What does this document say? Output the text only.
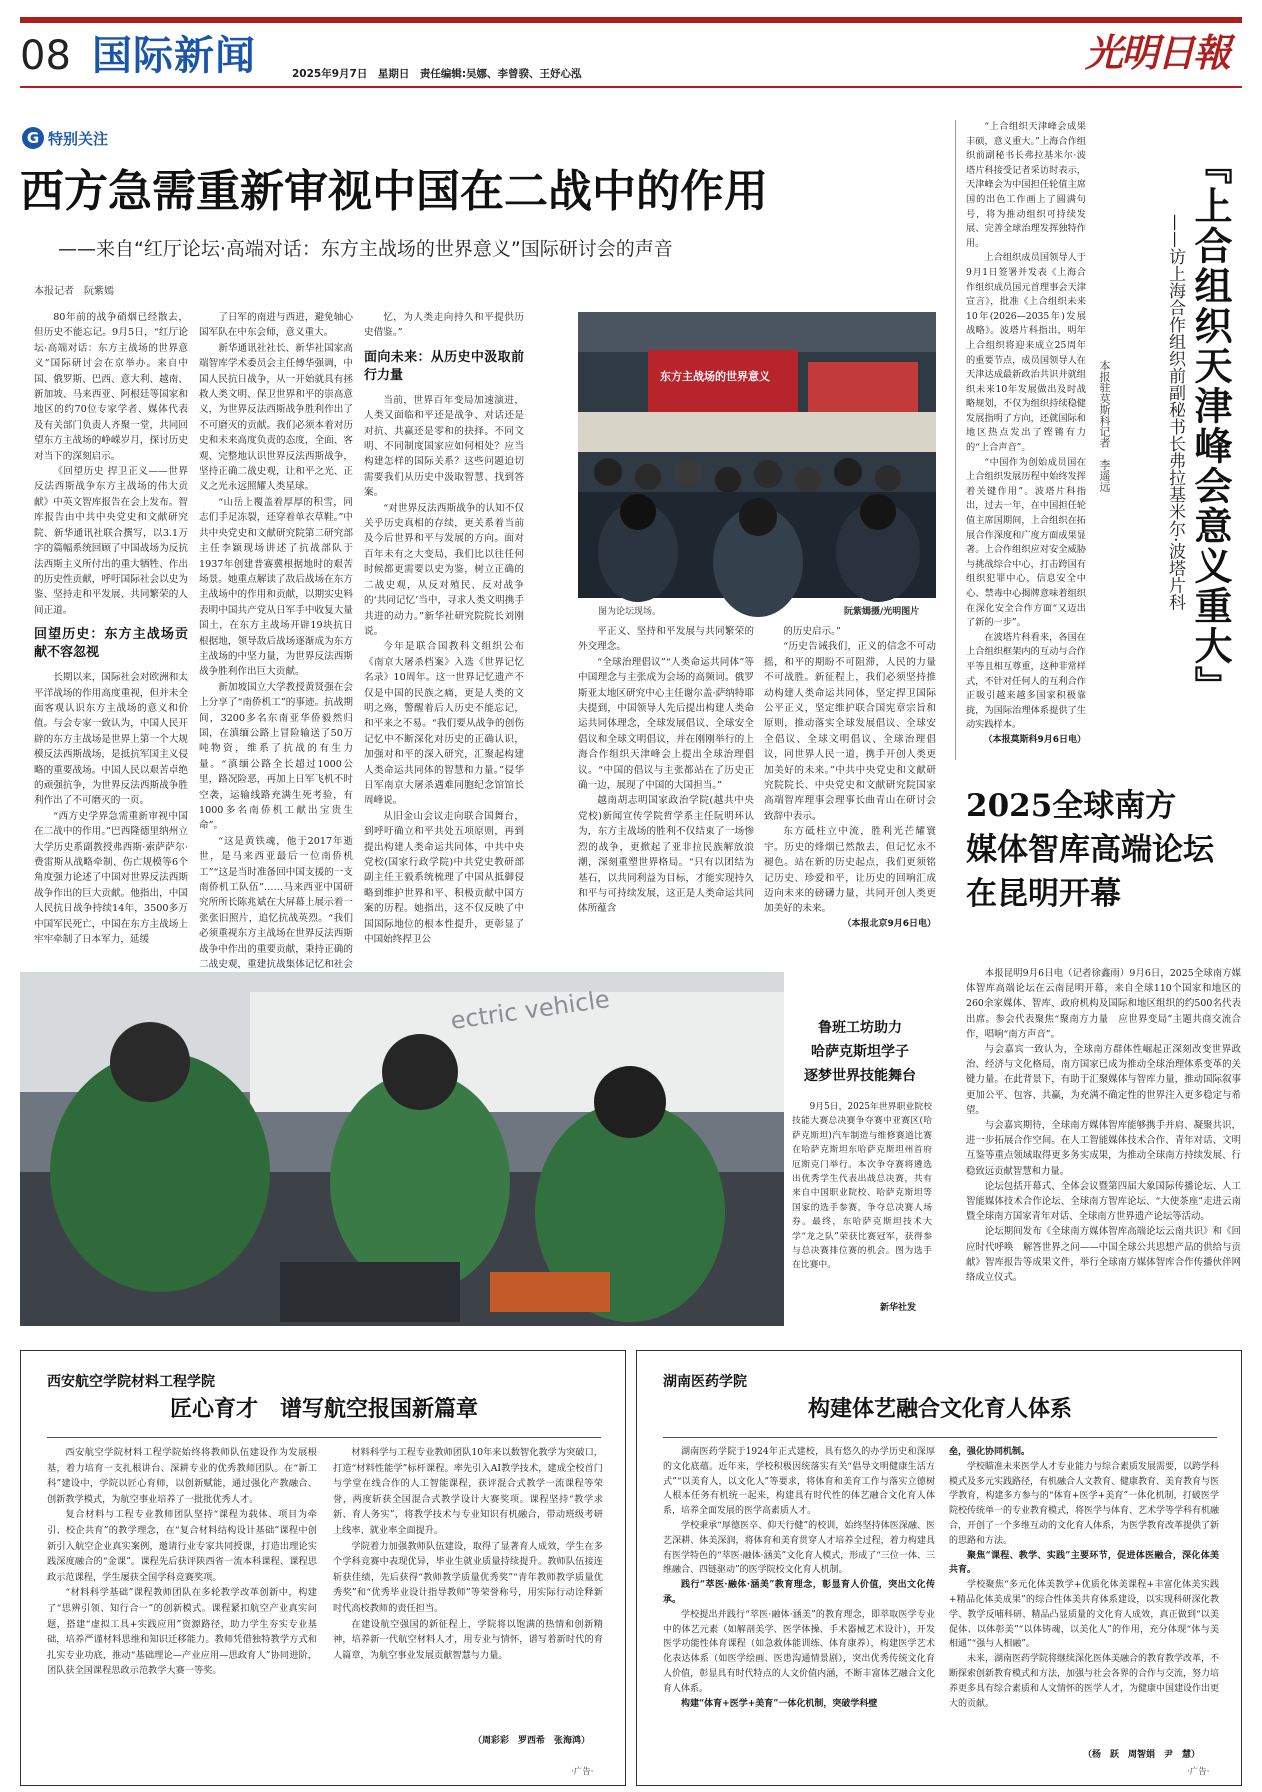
08 国际新闻	2025年9月7日　星期日　责任编辑:吴娜、李曾骙、王妤心泓	光明日報
G 特别关注
西方急需重新审视中国在二战中的作用
——来自“红厅论坛·高端对话：东方主战场的世界意义”国际研讨会的声音
本报记者　阮紫嫣

80年前的战争硝烟已经散去，但历史不能忘记。9月5日，“红厅论坛·高端对话：东方主战场的世界意义”国际研讨会在京举办。来自中国、俄罗斯、巴西、意大利、越南、新加坡、马来西亚、阿根廷等国家和地区的约70位专家学者、媒体代表及有关部门负责人齐聚一堂，共同回望东方主战场的峥嵘岁月，探讨历史对当下的深刻启示。

《回望历史 捍卫正义——世界反法西斯战争东方主战场的伟大贡献》中英文智库报告在会上发布。智库报告由中共中央党史和文献研究院、新华通讯社联合撰写，以3.1万字的篇幅系统回顾了中国战场为反抗法西斯主义所付出的重大牺牲、作出的历史性贡献，呼吁国际社会以史为鉴、坚持走和平发展、共同繁荣的人间正道。

回望历史：东方主战场贡献不容忽视

长期以来，国际社会对欧洲和太平洋战场的作用高度重视，但并未全面客观认识东方主战场的意义和价值。与会专家一致认为，中国人民开辟的东方主战场是世界上第一个大规模反法西斯战场，是抵抗军国主义侵略的重要战场。中国人民以艰苦卓绝的顽强抗争，为世界反法西斯战争胜利作出了不可磨灭的一页。

“西方史学界急需重新审视中国在二战中的作用。”巴西隆德里纳州立大学历史系副教授弗西斯·索萨萨尔·费雷斯从战略牵制、伤亡规模等6个角度强力论述了中国对世界反法西斯战争作出的巨大贡献。他指出，中国人民抗日战争持续14年，3500多万中国军民死亡，中国在东方主战场上牢牢牵制了日本军力，延缓

了日军的南进与西进，避免轴心国军队在中东会师，意义重大。

新华通讯社社长、新华社国家高端智库学术委员会主任傅华强调，中国人民抗日战争，从一开始就具有拯救人类文明、保卫世界和平的崇高意义，为世界反法西斯战争胜利作出了不可磨灭的贡献。我们必须本着对历史和未来高度负责的态度，全面、客观、完整地认识世界反法西斯战争，坚持正确二战史观，让和平之光、正义之光永远照耀人类星球。

“山岳上覆盖着厚厚的积雪，同志们手足冻裂，还穿着单衣草鞋。”中共中央党史和文献研究院第二研究部主任李颖现场讲述了抗战部队于1937年创建普赛冀根据地时的艰苦场景。她重点解读了敌后战场在东方主战场中的作用和贡献，以期实史料表明中国共产党从日军手中收复大量国土，在东方主战场开辟19块抗日根据地，领导敌后战场逐渐成为东方主战场的中坚力量，为世界反法西斯战争胜利作出巨大贡献。

新加坡国立大学教授黄贤强在会上分享了“南侨机工”的事迹。抗战期间，3200多名东南亚华侨毅然归国，在滇缅公路上冒险输送了50万吨物资，维系了抗战的有生力量。“滇缅公路全长超过1000公里，路况险恶，再加上日军飞机不时空袭，运输线路充满生死考验，有1000多名南侨机工献出宝贵生命”。

“这是黄铁魂，他于2017年逝世，是马来西亚最后一位南侨机工”“这是当时准备回中国支援的一支南侨机工队伍”……马来西亚中国研究所所长陈兆斌在大屏幕上展示着一张张旧照片，追忆抗战英烈。“我们必须重视东方主战场在世界反法西斯战争中作出的重要贡献，秉持正确的二战史观，重建抗战集体记忆和社会

忆，为人类走向持久和平提供历史借鉴。”

面向未来：从历史中汲取前行力量

当前，世界百年变局加速演进，人类又面临和平还是战争、对话还是对抗、共赢还是零和的抉择。不同文明、不同制度国家应如何相处？应当构建怎样的国际关系？这些问题迫切需要我们从历史中汲取智慧、找到答案。

“对世界反法西斯战争的认知不仅关乎历史真相的存续，更关系着当前及今后世界和平与发展的方向。面对百年未有之大变局，我们比以往任何时候都更需要以史为鉴，树立正确的二战史观，从反对殖民、反对战争的‘共同记忆’当中，寻求人类文明携手共进的动力。”新华社研究院院长刘刚说。

今年是联合国教科文组织公布《南京大屠杀档案》入选《世界记忆名录》10周年。这一世界记忆遗产不仅是中国的民族之痛，更是人类的文明之殇，警醒着后人历史不能忘记，和平来之不易。“我们要从战争的创伤记忆中不断深化对历史的正确认识，加强对和平的深入研究，汇聚起构建人类命运共同体的智慧和力量。”侵华日军南京大屠杀遇难同胞纪念馆馆长周峰说。

从旧金山会议走向联合国舞台，到呼吁确立和平共处五项原则，再到提出构建人类命运共同体，中共中央党校(国家行政学院)中共党史教研部副主任王毅系统梳理了中国从抵御侵略到维护世界和平、积极贡献中国方案的历程。她指出，这不仅反映了中国国际地位的根本性提升，更彰显了中国始终捍卫公

东方主战场的世界意义
图为论坛现场。	阮紫嫣摄/光明图片

平正义、坚持和平发展与共同繁荣的外交理念。

“全球治理倡议”“人类命运共同体”等中国理念与主张成为会场的高频词。俄罗斯亚太地区研究中心主任谢尔盖·萨纳特耶夫提到，中国领导人先后提出构建人类命运共同体理念，全球发展倡议、全球安全倡议和全球文明倡议，并在刚刚举行的上海合作组织天津峰会上提出全球治理倡议。“中国的倡议与主张都站在了历史正确一边，展现了中国的大国担当。”

越南胡志明国家政治学院(越共中央党校)新闻宣传学院哲学系主任阮明环认为，东方主战场的胜利不仅结束了一场惨烈的战争，更掀起了亚非拉民族解放浪潮，深刻重塑世界格局。“只有以团结为基石，以共同利益为目标，才能实现持久和平与可持续发展，这正是人类命运共同体所蕴含

的历史启示。”

“历史告诫我们，正义的信念不可动摇，和平的期盼不可阻滞，人民的力量不可战胜。新征程上，我们必须坚持推动构建人类命运共同体，坚定捍卫国际公平正义，坚定维护联合国宪章宗旨和原则，推动落实全球发展倡议、全球安全倡议、全球文明倡议、全球治理倡议，同世界人民一道，携手开创人类更加美好的未来。”中共中央党史和文献研究院院长、中央党史和文献研究院国家高端智库理事会理事长曲青山在研讨会致辞中表示。

东方砥柱立中流，胜利光芒耀寰宇。历史的烽烟已然散去，但记忆永不褪色。站在新的历史起点，我们更须铭记历史、珍爱和平，让历史的回响汇成迈向未来的磅礴力量，共同开创人类更加美好的未来。

（本报北京9月6日电）

“上合组织天津峰会成果丰硕，意义重大。”上海合作组织前副秘书长弗拉基米尔·波塔片科接受记者采访时表示，天津峰会为中国担任轮值主席国的出色工作画上了圆满句号，将为推动组织可持续发展、完善全球治理发挥独特作用。

上合组织成员国领导人于9月1日签署并发表《上海合作组织成员国元首理事会天津宣言》，批准《上合组织未来10年(2026—2035年)发展战略》。波塔片科指出，明年上合组织将迎来成立25周年的重要节点，成员国领导人在天津达成最新政治共识并就组织未来10年发展做出及时战略规划，不仅为组织持续稳健发展指明了方向，还就国际和地区热点发出了铿锵有力的“上合声音”。

“中国作为创始成员国在上合组织发展历程中始终发挥着关键作用”。波塔片科指出，过去一年，在中国担任轮值主席国期间，上合组织在拓展合作深度和广度方面成果显著。上合作组织应对安全威胁与挑战综合中心，打击跨国有组织犯罪中心，信息安全中心、禁毒中心揭牌意味着组织在深化安全合作方面“又迈出了新的一步”。

在波塔片科看来，各国在上合组织框架内的互动与合作平等且相互尊重，这种非常样式，不针对任何人的互利合作正吸引越来越多国家积极靠拢，为国际治理体系提供了生动实践样本。

（本报莫斯科9月6日电）

本报驻莫斯科记者　李遥远	——访上海合作组织前副秘书长弗拉基米尔·波塔片科 『上合组织天津峰会意义重大』
2025全球南方
媒体智库高端论坛
在昆明开幕

本报昆明9月6日电（记者徐鑫雨）9月6日，2025全球南方媒体智库高端论坛在云南昆明开幕，来自全球110个国家和地区的260余家媒体、智库、政府机构及国际和地区组织的约500名代表出席。参会代表聚焦“聚南方力量　应世界变局”主题共商交流合作，唱响“南方声音”。

与会嘉宾一致认为，全球南方群体性崛起正深刻改变世界政治、经济与文化格局，南方国家已成为推动全球治理体系变革的关键力量。在此背景下，有助于汇聚媒体与智库力量，推动国际叙事更加公平、包容、共赢，为充满不确定性的世界注入更多稳定与希望。

与会嘉宾期待，全球南方媒体智库能够携手并肩、凝聚共识，进一步拓展合作空间。在人工智能媒体技术合作、青年对话、文明互鉴等重点领域取得更多务实成果，为推动全球南方持续发展、行稳致远贡献智慧和力量。

论坛包括开幕式、全体会议暨第四届大象国际传播论坛、人工智能媒体技术合作论坛、全球南方智库论坛、“大使茶座”走进云南暨全球南方国家青年对话、全球南方世界遗产论坛等活动。

论坛期间发布《全球南方媒体智库高端论坛云南共识》和《回应时代呼唤　解答世界之问——中国全球公共思想产品的供给与贡献》智库报告等成果文件，举行全球南方媒体智库合作传播伙伴网络成立仪式。

ectric vehicle	鲁班工坊助力
哈萨克斯坦学子
逐梦世界技能舞台
9月5日，2025年世界职业院校技能大赛总决赛争夺赛中亚赛区(哈萨克斯坦)汽车制造与维修赛道比赛在哈萨克斯坦东哈萨克斯坦州首府厄斯克门举行。本次争夺赛将遴选出优秀学生代表出战总决赛，共有来自中国职业院校、哈萨克斯坦等国家的选手参赛，争夺总决赛人场券。最终，东哈萨克斯坦技术大学“龙之队”荣获比赛冠军，获得参与总决赛排位赛的机会。图为选手在比赛中。
新华社发
西安航空学院材料工程学院
匠心育才　谱写航空报国新篇章

西安航空学院材料工程学院始终将教师队伍建设作为发展根基，着力培育一支扎根讲台、深耕专业的优秀教师团队。在“新工科”建设中，学院以匠心育师，以创新赋能，通过强化产教融合、创新教学模式，为航空事业培养了一批批优秀人才。

复合材料与工程专业教师团队坚持“课程为载体、项目为牵引、校企共育”的教学理念，在“复合材料结构设计基础”课程中创新引入航空企业真实案例，邀请行业专家共同授课，打造出理论实践深度融合的“金课”。课程先后获评陕西省一流本科课程、课程思政示范课程，学生屡获全国学科竞赛奖项。

“材料科学基础”课程教师团队在多轮教学改革创新中，构建了“思辨引领、知行合一”的创新模式。课程紧扣航空产业真实问题，搭建“虚拟工具+实践应用”资源路径，助力学生夯实专业基础，培养严谨材料思维和知识迁移能力。教师凭借独特教学方式和扎实专业功底，推动“基础理论—产业应用—思政育人”协同进阶，团队获全国课程思政示范教学大赛一等奖。

材料科学与工程专业教师团队10年来以数智化教学为突破口，打造“材料性能学”标杆课程。率先引入AI教学技术，建成全校首门与学堂在线合作的人工智能课程，获评混合式教学一流课程等荣誉，两度斩获全国混合式教学设计大赛奖项。课程坚持“教学求新、育人务实”，将教学技术与专业知识有机融合，带动班级考研上线率、就业率全面提升。

学院着力加强教师队伍建设，取得了显著育人成效，学生在多个学科竞赛中表现优异，毕业生就业质量持续提升。教师队伍接连斩获佳绩，先后获得“教师教学质量优秀奖”“青年教师教学质量优秀奖”和“优秀毕业设计指导教师”等荣誉称号，用实际行动诠释新时代高校教师的责任担当。

在建设航空强国的新征程上，学院将以饱满的热情和创新精神，培养新一代航空材料人才，用专业与情怀，谱写着新时代的育人篇章，为航空事业发展贡献智慧与力量。

（周彩彩　罗西希　张海鸿）
·广告·
湖南医药学院
构建体艺融合文化育人体系

湖南医药学院于1924年正式建校，具有悠久的办学历史和深厚的文化底蕴。近年来，学校积极因统落实有关“倡导文明健康生活方式”“以美育人，以文化人”等要求，将体育和美育工作与落实立德树人根本任务有机统一起来，构建具有时代性的体艺融合文化育人体系，培养全面发展的医学高素质人才。

学校秉承“厚德医卒、仰天行健”的校训，始终坚持体医深融、医艺深耕、体美深润，将体育和美育贯穿人才培养全过程，着力构建具有医学特色的“萃医·融体·涵美”文化育人模式，形成了“三位一体、三维融合、四链驱动”的医学院校文化育人机制。

践行“萃医·融体·涵美”教育理念，彰显育人价值，突出文化传承。

学校提出并践行“萃医·融体·涵美”的教育理念，即萃取医学专业中的体艺元素（如解剖美学、医学体操、手术器械艺术设计），开发医学功能性体育课程（如急救体能训练、体育康养），构建医学艺术化表达体系（如医学绘画、医患沟通情景剧），突出优秀传统文化育人价值，彰显具有时代特点的人文价值内涵，不断丰富体艺融合文化育人体系。

构建“体育+医学+美育”一体化机制，突破学科壁

垒，强化协同机制。

学校瞄准未来医学人才专业能力与综合素质发展需要，以跨学科模式及多元实践路径，有机融合人文教育、健康教育、美育教育与医学教育，构建多方参与的“体育+医学+美育”一体化机制，打破医学院校传统单一的专业教育模式，将医学与体育、艺术学等学科有机融合，开创了一个多维互动的文化育人体系，为医学教育改革提供了新的思路和方法。

聚焦“课程、教学、实践”主要环节，促进体医融合，深化体美共育。

学校聚焦“多元化体美教学+优质化体美课程+丰富化体美实践+精品化体美成果”的综合性体美共育体系建设，以实现科研深化教学、教学反哺科研、精品凸显质量的文化育人成效，真正做到“以美促体、以体彰美”“以体铸魂，以美化人”的作用，充分体现“体与美相通”“强与人相融”。

未来，湖南医药学院将继续深化医体美融合的教育教学改革，不断探索创新教育模式和方法，加强与社会各界的合作与交流，努力培养更多具有综合素质和人文情怀的医学人才，为健康中国建设作出更大的贡献。

（杨　跃　周智娟　尹　慧）
·广告·
